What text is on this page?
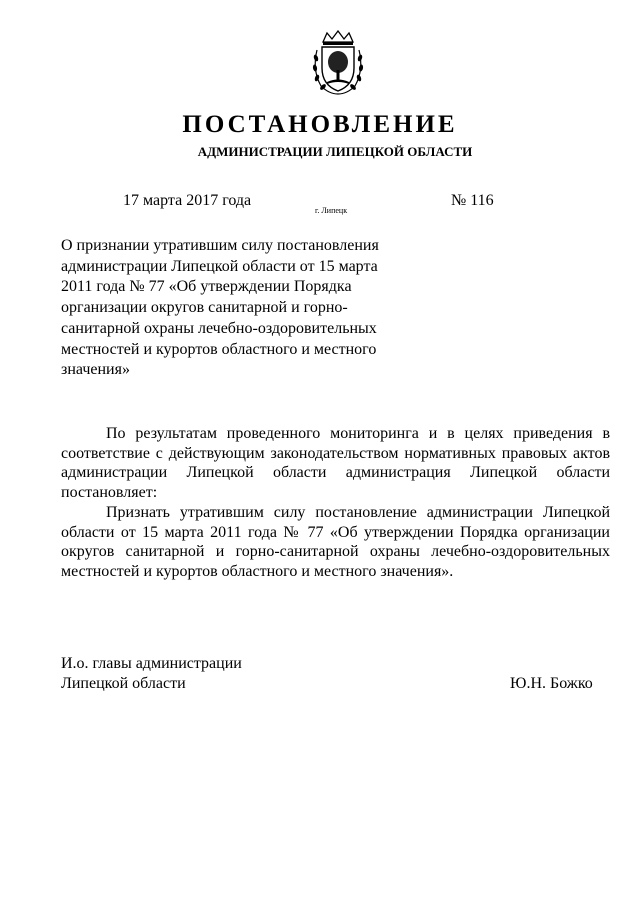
ПОСТАНОВЛЕНИЕ
АДМИНИСТРАЦИИ ЛИПЕЦКОЙ ОБЛАСТИ
17 марта 2017 года
г. Липецк
№ 116
О признании утратившим силу постановления
администрации Липецкой области от 15 марта
2011 года № 77 «Об утверждении Порядка
организации округов санитарной и горно-
санитарной охраны лечебно-оздоровительных
местностей и курортов областного и местного
значения»

По результатам проведенного мониторинга и в целях приведения в соответствие с действующим законодательством нормативных правовых актов администрации Липецкой области администрация Липецкой области постановляет:

Признать утратившим силу постановление администрации Липецкой области от 15 марта 2011 года № 77 «Об утверждении Порядка организации округов санитарной и горно-санитарной охраны лечебно-оздоровительных местностей и курортов областного и местного значения».

И.о. главы администрации
Липецкой области	Ю.Н. Божко
